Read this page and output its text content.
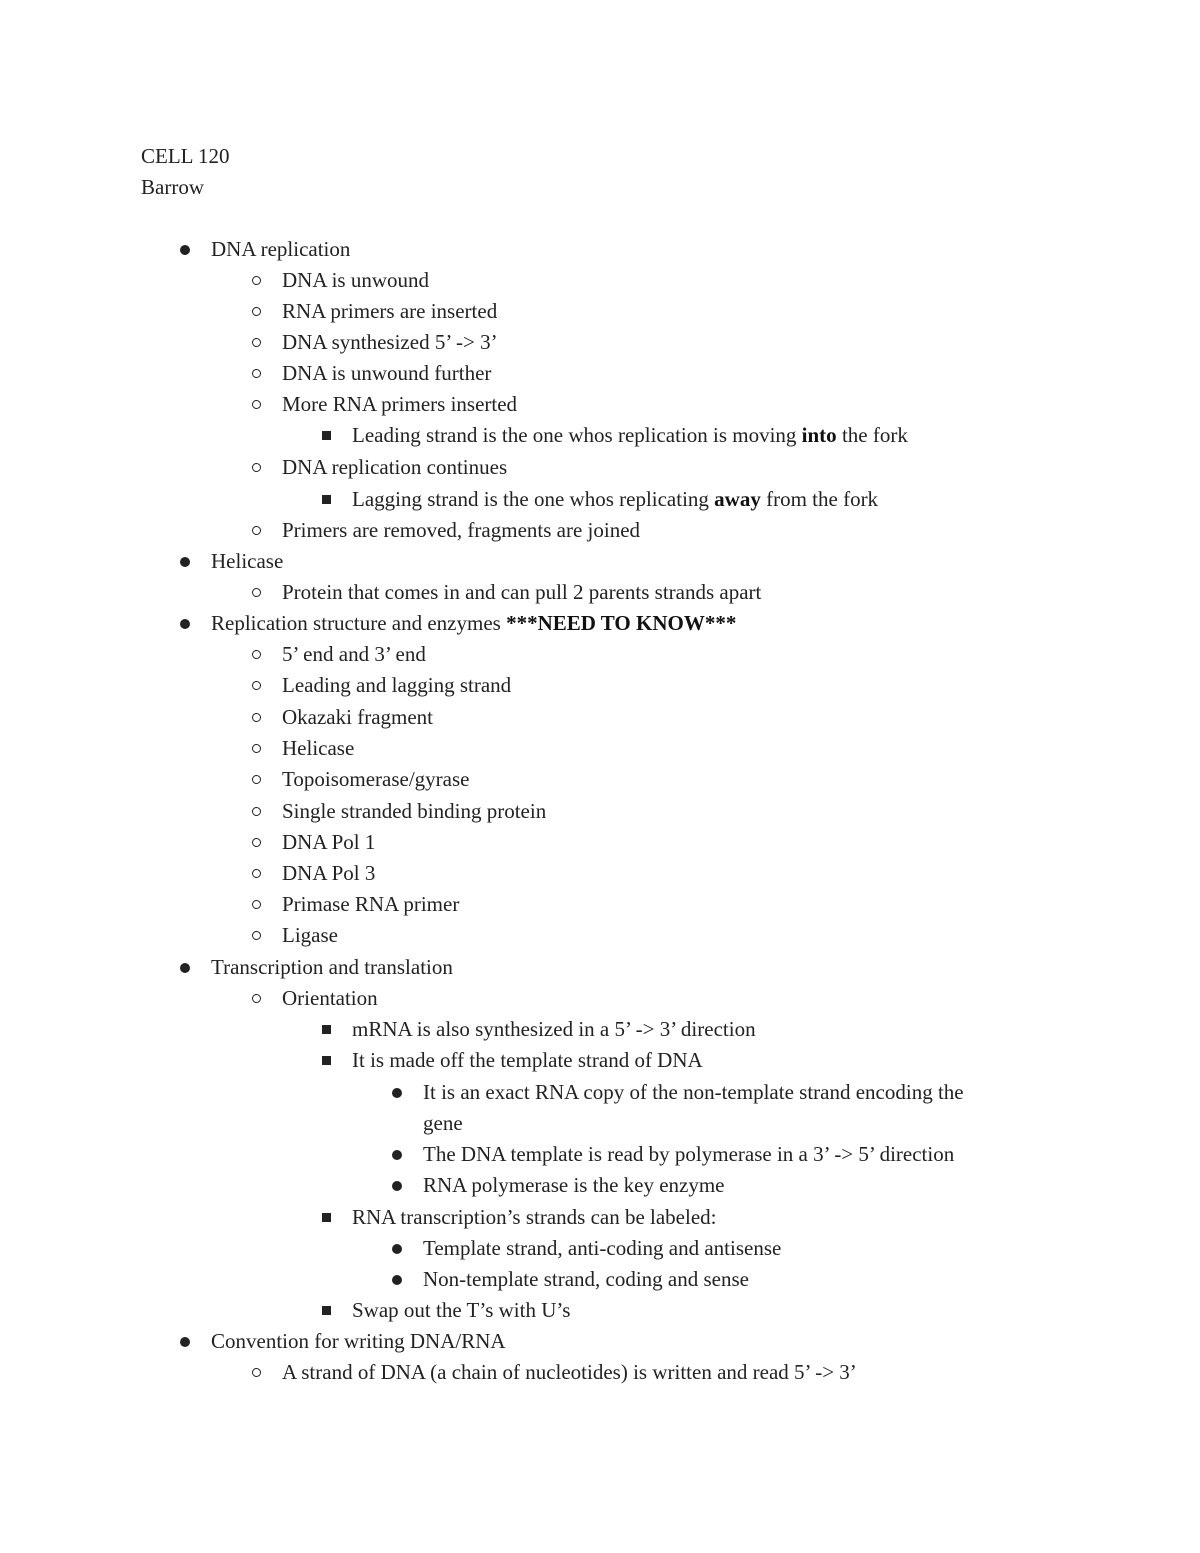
CELL 120
Barrow
DNA replication
DNA is unwound
RNA primers are inserted
DNA synthesized 5’ -> 3’
DNA is unwound further
More RNA primers inserted
Leading strand is the one whos replication is moving into the fork
DNA replication continues
Lagging strand is the one whos replicating away from the fork
Primers are removed, fragments are joined
Helicase
Protein that comes in and can pull 2 parents strands apart
Replication structure and enzymes ***NEED TO KNOW***
5’ end and 3’ end
Leading and lagging strand
Okazaki fragment
Helicase
Topoisomerase/gyrase
Single stranded binding protein
DNA Pol 1
DNA Pol 3
Primase RNA primer
Ligase
Transcription and translation
Orientation
mRNA is also synthesized in a 5’ -> 3’ direction
It is made off the template strand of DNA
It is an exact RNA copy of the non-template strand encoding the
gene
The DNA template is read by polymerase in a 3’ -> 5’ direction
RNA polymerase is the key enzyme
RNA transcription’s strands can be labeled:
Template strand, anti-coding and antisense
Non-template strand, coding and sense
Swap out the T’s with U’s
Convention for writing DNA/RNA
A strand of DNA (a chain of nucleotides) is written and read 5’ -> 3’
